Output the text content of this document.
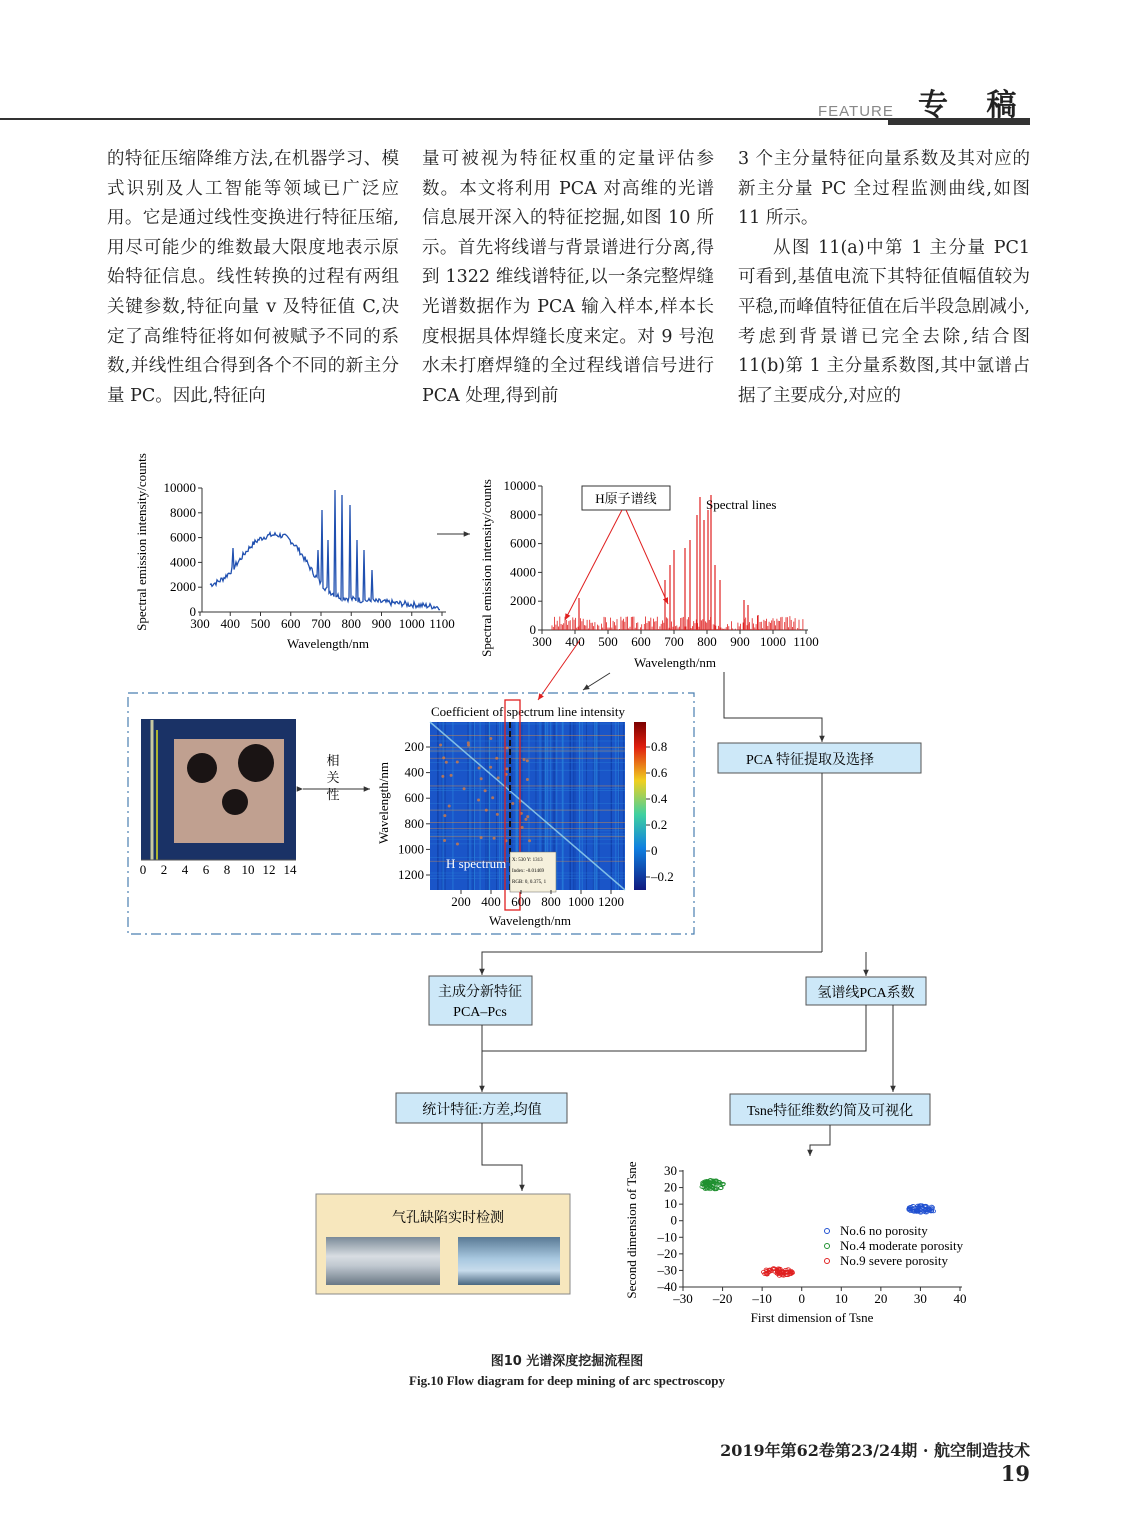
FEATURE 专 稿

的特征压缩降维方法,在机器学习、模式识别及人工智能等领域已广泛应用。它是通过线性变换进行特征压缩,用尽可能少的维数最大限度地表示原始特征信息。线性转换的过程有两组关键参数,特征向量 v 及特征值 C,决定了高维特征将如何被赋予不同的系数,并线性组合得到各个不同的新主分量 PC。因此,特征向

量可被视为特征权重的定量评估参数。本文将利用 PCA 对高维的光谱信息展开深入的特征挖掘,如图 10 所示。首先将线谱与背景谱进行分离,得到 1322 维线谱特征,以一条完整焊缝光谱数据作为 PCA 输入样本,样本长度根据具体焊缝长度来定。对 9 号泡水未打磨焊缝的全过程线谱信号进行 PCA 处理,得到前

3 个主分量特征向量系数及其对应的新主分量 PC 全过程监测曲线,如图 11 所示。

从图 11(a)中第 1 主分量 PC1 可看到,基值电流下其特征值幅值较为平稳,而峰值特征值在后半段急剧减小,考虑到背景谱已完全去除,结合图 11(b)第 1 主分量系数图,其中氩谱占据了主要成分,对应的

0
2000
4000
6000
8000
10000
300 400 500 600 700 800 900 1000 1100
Spectral emission intensity/counts
Wavelength/nm
0
2000
4000
6000
8000
10000
300 400 500 600 700 800 900 1000 1100
H原子谱线	Spectral lines
Spectral emission intensity/counts
Wavelength/nm
0 2 4 6 8 10 12 14
相
关
性
Coefficient of spectrum line intensity
X: 530 Y: 1313
Index: -0.01469
RGB: 0, 0.375, 1
H spectrum
200
400
600
800
1000
1200
200 400 600 800 1000 1200
Wavelength/nm
Wavelength/nm
0.8
0.6
0.4
0.2
0
–0.2
PCA 特征提取及选择
主成分新特征
PCA–Pcs
氢谱线PCA系数
统计特征:方差,均值	Tsne特征维数约简及可视化
气孔缺陷实时检测
30
20
10
0
–10
–20
–30
–40
–30 –20 –10 0 10 20 30 40
No.6 no porosity
No.4 moderate porosity
No.9 severe porosity
Second dimension of Tsne
First dimension of Tsne
图10 光谱深度挖掘流程图
Fig.10 Flow diagram for deep mining of arc spectroscopy
2019年第62卷第23/24期 · 航空制造技术19
